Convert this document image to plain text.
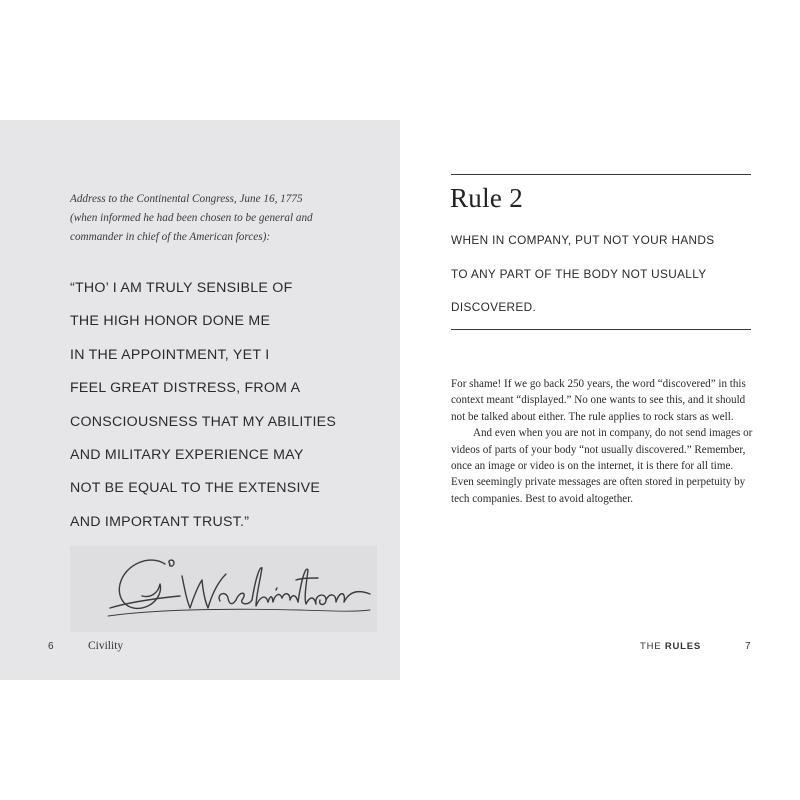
Address to the Continental Congress, June 16, 1775 (when informed he had been chosen to be general and commander in chief of the American forces):
“THO’ I AM TRULY SENSIBLE OF
THE HIGH HONOR DONE ME
IN THE APPOINTMENT, YET I
FEEL GREAT DISTRESS, FROM A
CONSCIOUSNESS THAT MY ABILITIES
AND MILITARY EXPERIENCE MAY
NOT BE EQUAL TO THE EXTENSIVE
AND IMPORTANT TRUST.”
6	Civility
Rule 2
WHEN IN COMPANY, PUT NOT YOUR HANDS
TO ANY PART OF THE BODY NOT USUALLY
DISCOVERED.

For shame! If we go back 250 years, the word “discovered” in this context meant “displayed.” No one wants to see this, and it should not be talked about either. The rule applies to rock stars as well.

And even when you are not in company, do not send images or videos of parts of your body “not usually discovered.” Remember, once an image or video is on the internet, it is there for all time. Even seemingly private messages are often stored in perpetuity by tech companies. Best to avoid altogether.

THE RULES	7
